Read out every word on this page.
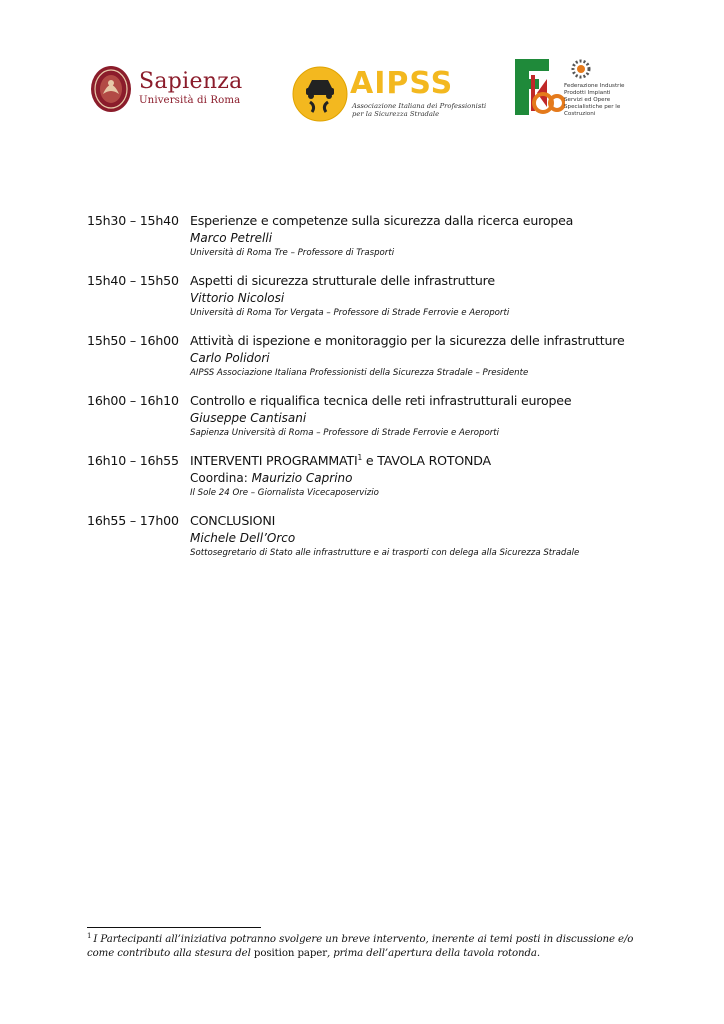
Sapienza
Università di Roma	AIPSS
Associazione Italiana dei Professionisti per la Sicurezza Stradale
Federazione Industrie Prodotti Impianti Servizi ed Opere Specialistiche per le Costruzioni
15h30 – 15h40 Esperienze e competenze sulla sicurezza dalla ricerca europea
Marco Petrelli
Università di Roma Tre – Professore di Trasporti
15h40 – 15h50 Aspetti di sicurezza strutturale delle infrastrutture
Vittorio Nicolosi
Università di Roma Tor Vergata – Professore di Strade Ferrovie e Aeroporti
15h50 – 16h00 Attività di ispezione e monitoraggio per la sicurezza delle infrastrutture
Carlo Polidori
AIPSS Associazione Italiana Professionisti della Sicurezza Stradale – Presidente
16h00 – 16h10 Controllo e riqualifica tecnica delle reti infrastrutturali europee
Giuseppe Cantisani
Sapienza Università di Roma – Professore di Strade Ferrovie e Aeroporti
16h10 – 16h55 INTERVENTI PROGRAMMATI$^1$ e TAVOLA ROTONDA
Coordina: Maurizio Caprino
Il Sole 24 Ore – Giornalista Vicecaposervizio
16h55 – 17h00 CONCLUSIONI
Michele Dell’Orco
Sottosegretario di Stato alle infrastrutture e ai trasporti con delega alla Sicurezza Stradale
$^1$ I Partecipanti all’iniziativa potranno svolgere un breve intervento, inerente ai temi posti in discussione e/o come contributo alla stesura del position paper, prima dell’apertura della tavola rotonda.
